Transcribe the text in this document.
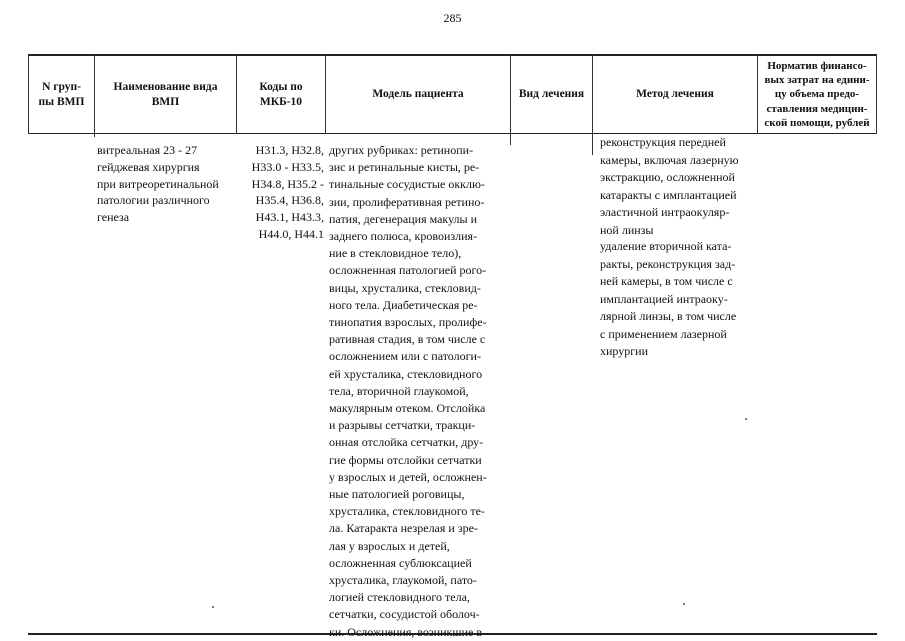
285
N груп-
пы ВМП
Наименование вида
ВМП
Коды по
МКБ-10
Модель пациента	Вид лечения	Метод лечения
Норматив финансо-
вых затрат на едини-
цу объема предо-
ставления медицин-
ской помощи, рублей
витреальная 23 - 27
гейджевая хирургия
при витреоретинальной
патологии различного
генеза
H31.3, H32.8,
H33.0 - H33.5,
H34.8, H35.2 -
H35.4, H36.8,
H43.1, H43.3,
H44.0, H44.1
других рубриках: ретинопи-
зис и ретинальные кисты, ре-
тинальные сосудистые окклю-
зии, пролиферативная ретино-
патия, дегенерация макулы и
заднего полюса, кровоизлия-
ние в стекловидное тело),
осложненная патологией рого-
вицы, хрусталика, стекловид-
ного тела. Диабетическая ре-
тинопатия взрослых, пролифе-
ративная стадия, в том числе с
осложнением или с патологи-
ей хрусталика, стекловидного
тела, вторичной глаукомой,
макулярным отеком. Отслойка
и разрывы сетчатки, тракци-
онная отслойка сетчатки, дру-
гие формы отслойки сетчатки
у взрослых и детей, осложнен-
ные патологией роговицы,
хрусталика, стекловидного те-
ла. Катаракта незрелая и зре-
лая у взрослых и детей,
осложненная сублюксацией
хрусталика, глаукомой, пато-
логией стекловидного тела,
сетчатки, сосудистой оболоч-
ки. Осложнения, возникшие в
реконструкция передней
камеры, включая лазерную
экстракцию, осложненной
катаракты с имплантацией
эластичной интраокуляр-
ной линзы
удаление вторичной ката-
ракты, реконструкция зад-
ней камеры, в том числе с
имплантацией интраоку-
лярной линзы, в том числе
с применением лазерной
хирургии
